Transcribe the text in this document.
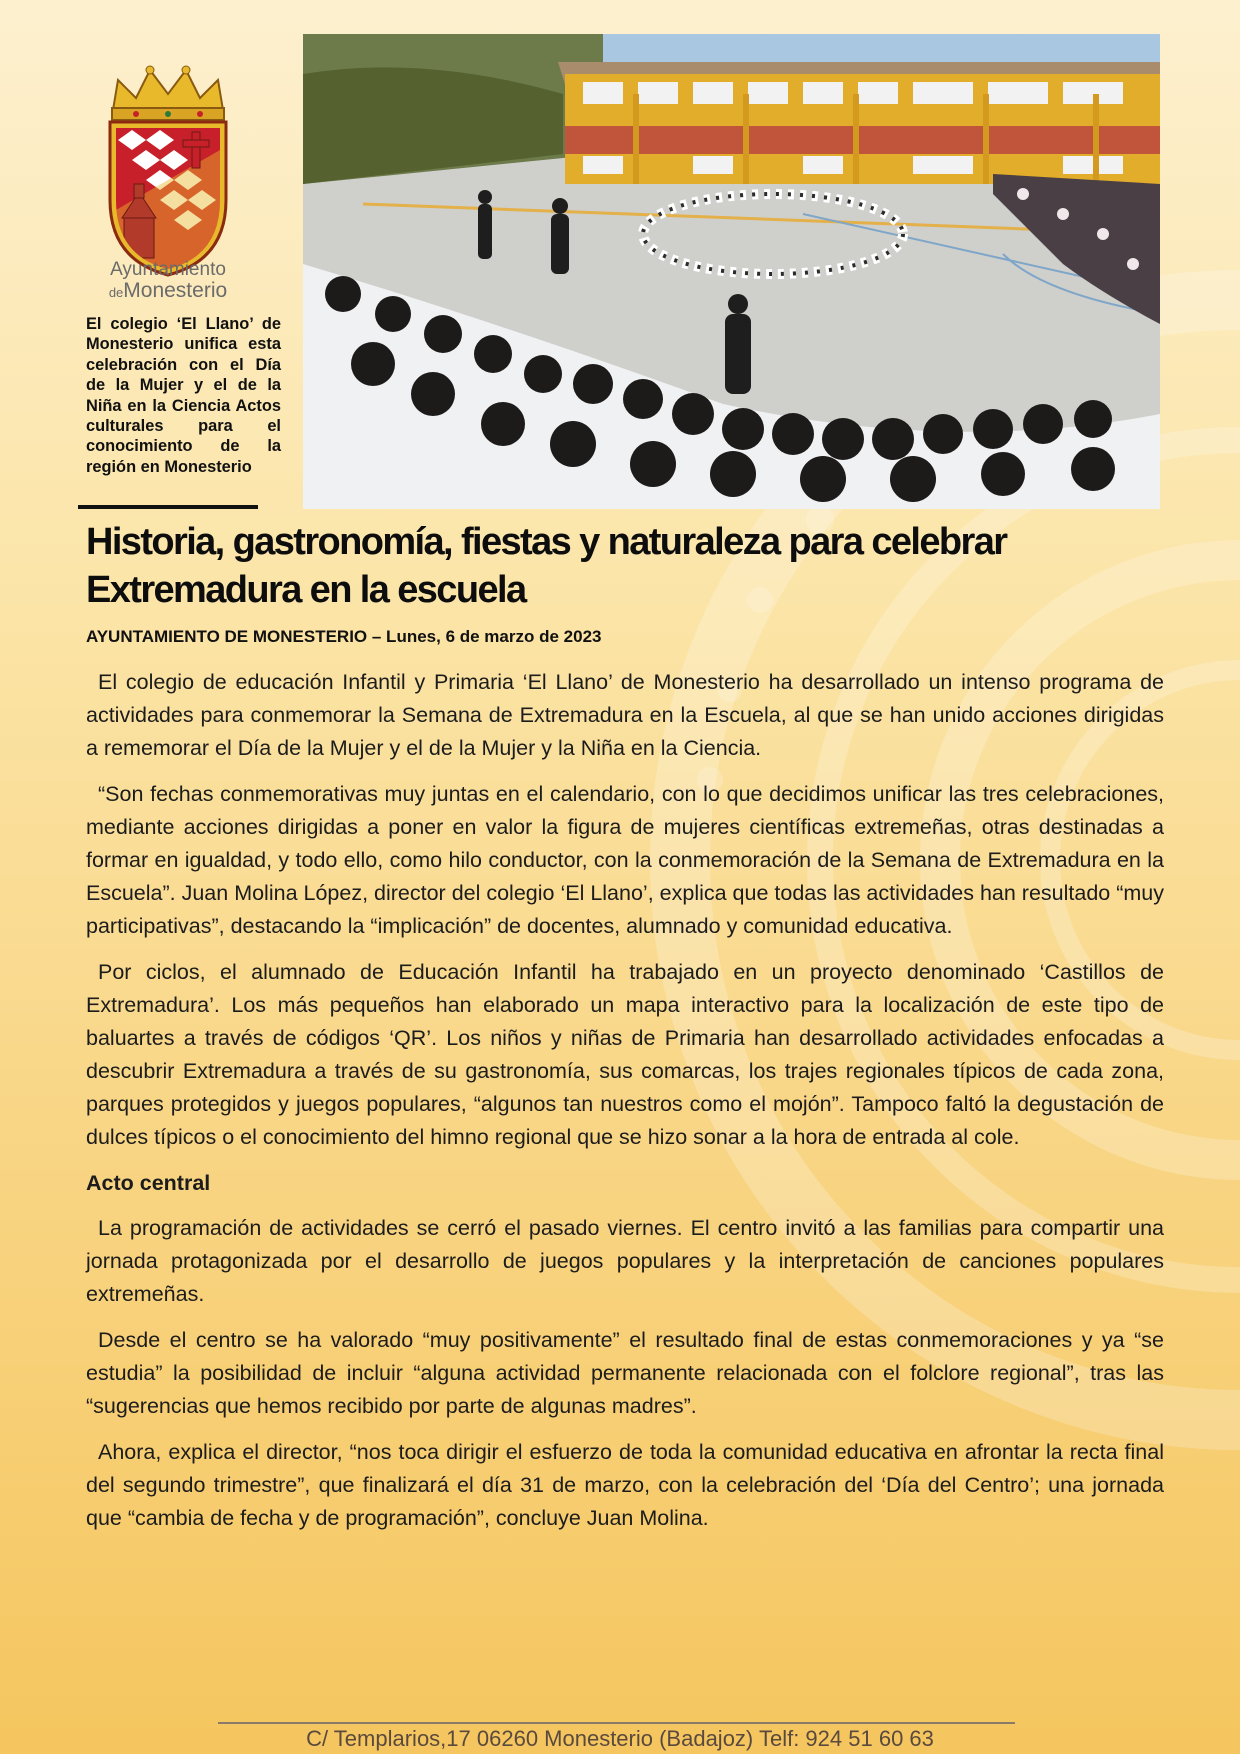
Ayuntamiento
deMonesterio
El colegio ‘El Llano’ de Monesterio unifica esta celebración con el Día de la Mujer y el de la Niña en la Ciencia Actos culturales para el conocimiento de la región en Monesterio
Historia, gastronomía, fiestas y naturaleza para celebrar Extremadura en la escuela
AYUNTAMIENTO DE MONESTERIO – Lunes, 6 de marzo de 2023

El colegio de educación Infantil y Primaria ‘El Llano’ de Monesterio ha desarrollado un intenso programa de actividades para conmemorar la Semana de Extremadura en la Escuela, al que se han unido acciones dirigidas a rememorar el Día de la Mujer y el de la Mujer y la Niña en la Ciencia.

“Son fechas conmemorativas muy juntas en el calendario, con lo que decidimos unificar las tres celebraciones, mediante acciones dirigidas a poner en valor la figura de mujeres científicas extremeñas, otras destinadas a formar en igualdad, y todo ello, como hilo conductor, con la conmemoración de la Semana de Extremadura en la Escuela”. Juan Molina López, director del colegio ‘El Llano’, explica que todas las actividades han resultado “muy participativas”, destacando la “implicación” de docentes, alumnado y comunidad educativa.

Por ciclos, el alumnado de Educación Infantil ha trabajado en un proyecto denominado ‘Castillos de Extremadura’. Los más pequeños han elaborado un mapa interactivo para la localización de este tipo de baluartes a través de códigos ‘QR’. Los niños y niñas de Primaria han desarrollado actividades enfocadas a descubrir Extremadura a través de su gastronomía, sus comarcas, los trajes regionales típicos de cada zona, parques protegidos y juegos populares, “algunos tan nuestros como el mojón”. Tampoco faltó la degustación de dulces típicos o el conocimiento del himno regional que se hizo sonar a la hora de entrada al cole.

Acto central

La programación de actividades se cerró el pasado viernes. El centro invitó a las familias para compartir una jornada protagonizada por el desarrollo de juegos populares y la interpretación de canciones populares extremeñas.

Desde el centro se ha valorado “muy positivamente” el resultado final de estas conmemoraciones y ya “se estudia” la posibilidad de incluir “alguna actividad permanente relacionada con el folclore regional”, tras las “sugerencias que hemos recibido por parte de algunas madres”.

Ahora, explica el director, “nos toca dirigir el esfuerzo de toda la comunidad educativa en afrontar la recta final del segundo trimestre”, que finalizará el día 31 de marzo, con la celebración del ‘Día del Centro’; una jornada que “cambia de fecha y de programación”, concluye Juan Molina.

C/ Templarios,17 06260 Monesterio (Badajoz) Telf: 924 51 60 63
